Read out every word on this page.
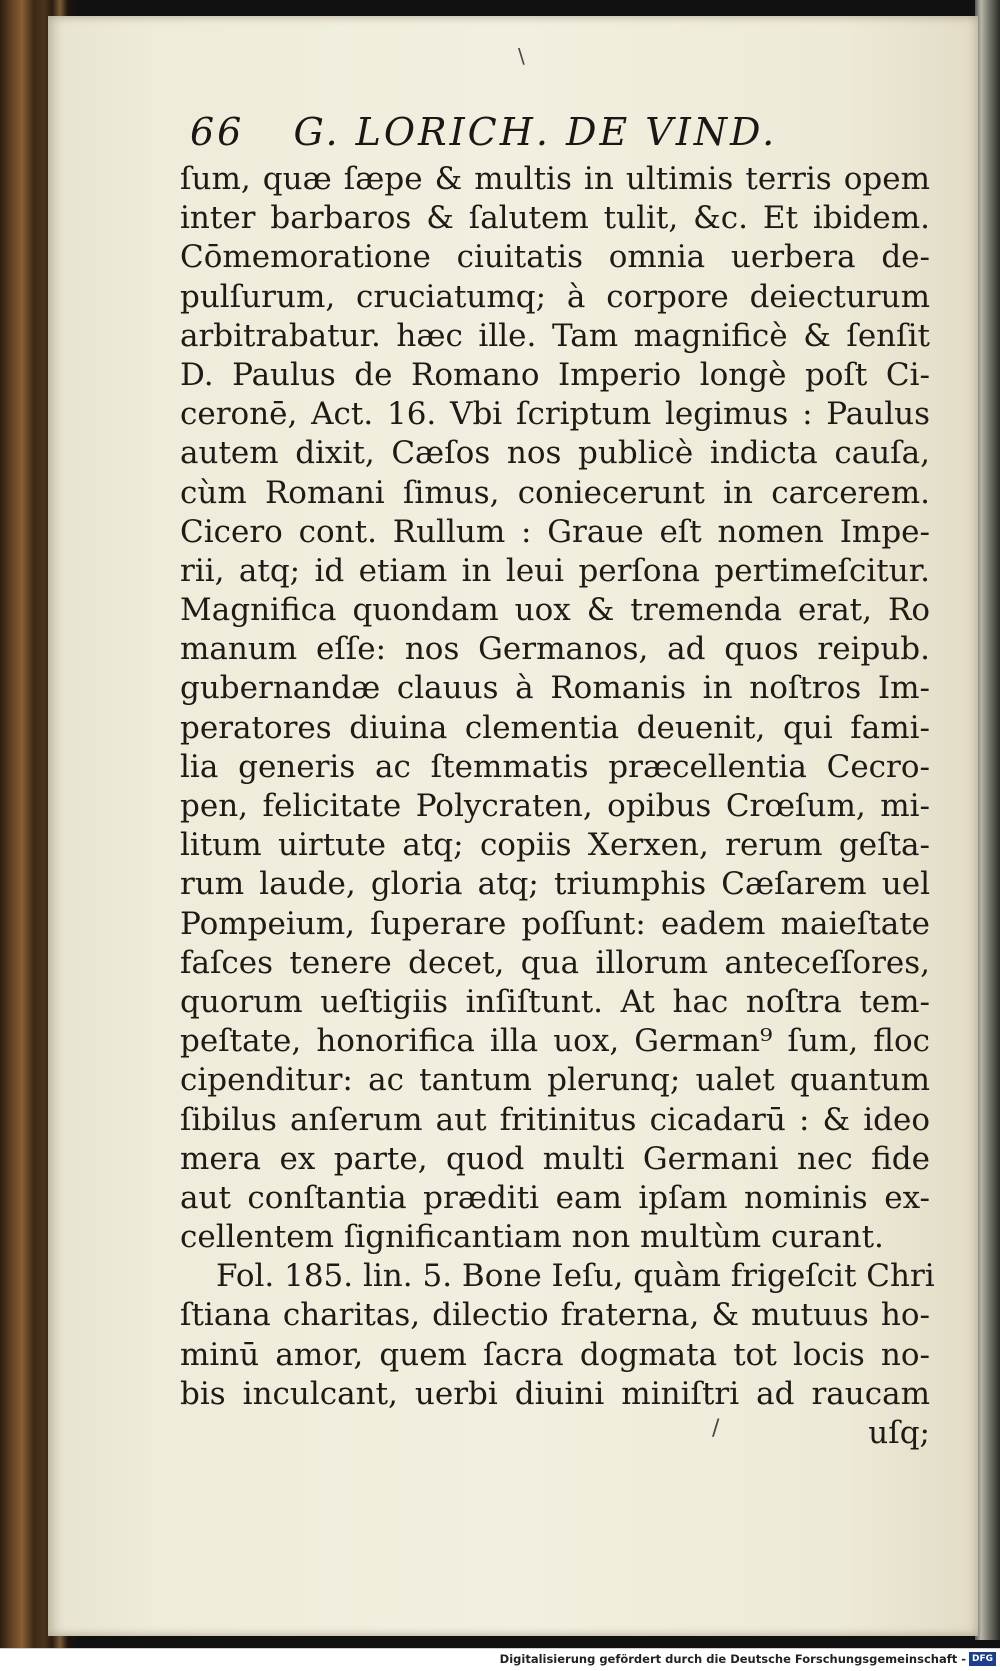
\
/
66 G. LORICH. DE VIND.
ſum, quæ ſæpe & multis in ultimis terris opem
inter barbaros & ſalutem tulit, &c. Et ibidem.
Cōmemoratione ciuitatis omnia uerbera de-
pulſurum, cruciatumq; à corpore deiecturum
arbitrabatur. hæc ille. Tam magnificè & ſenſit
D. Paulus de Romano Imperio longè poſt Ci-
ceronē, Act. 16. Vbi ſcriptum legimus : Paulus
autem dixit, Cæſos nos publicè indicta cauſa,
cùm Romani ſimus, coniecerunt in carcerem.
Cicero cont. Rullum : Graue eſt nomen Impe-
rii, atq; id etiam in leui perſona pertimeſcitur.
Magnifica quondam uox & tremenda erat, Ro
manum eſſe: nos Germanos, ad quos reipub.
gubernandæ clauus à Romanis in noſtros Im-
peratores diuina clementia deuenit, qui fami-
lia generis ac ſtemmatis præcellentia Cecro-
pen, felicitate Polycraten, opibus Crœſum, mi-
litum uirtute atq; copiis Xerxen, rerum geſta-
rum laude, gloria atq; triumphis Cæſarem uel
Pompeium, ſuperare poſſunt: eadem maieſtate
faſces tenere decet, qua illorum anteceſſores,
quorum ueſtigiis inſiſtunt. At hac noſtra tem-
peſtate, honorifica illa uox, German⁹ ſum, floc
cipenditur: ac tantum plerunq; ualet quantum
ſibilus anſerum aut fritinitus cicadarū : & ideo
mera ex parte, quod multi Germani nec fide
aut conſtantia præditi eam ipſam nominis ex-
cellentem ſignificantiam non multùm curant.
Fol. 185. lin. 5. Bone Ieſu, quàm frigeſcit Chri
ſtiana charitas, dilectio fraterna, & mutuus ho-
minū amor, quem ſacra dogmata tot locis no-
bis inculcant, uerbi diuini miniſtri ad raucam
uſq;
Digitalisierung gefördert durch die Deutsche Forschungsgemeinschaft - DFG
